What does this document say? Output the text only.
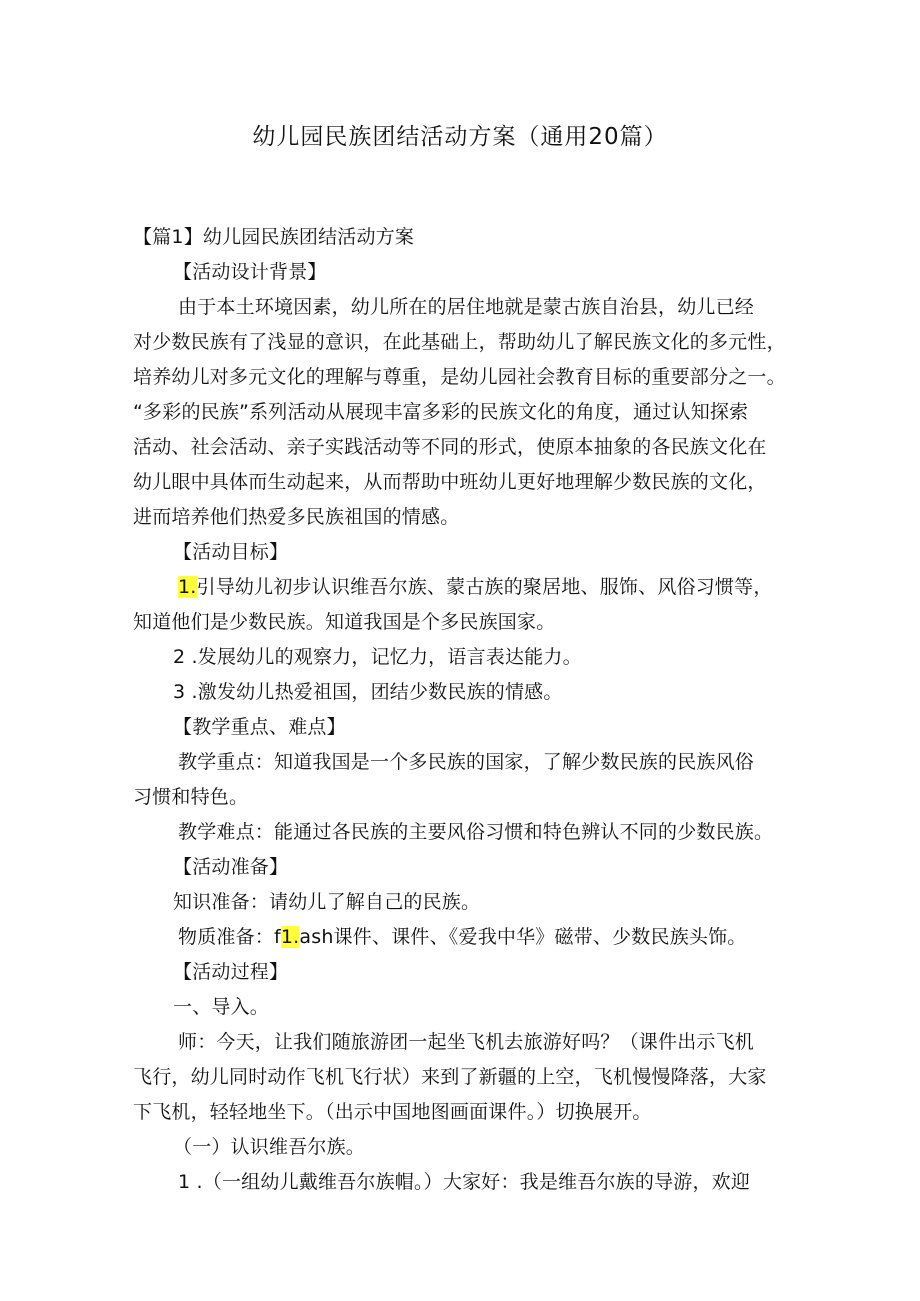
幼儿园民族团结活动方案（通用20篇）
【篇1】幼儿园民族团结活动方案
【活动设计背景】
由于本土环境因素，幼儿所在的居住地就是蒙古族自治县，幼儿已经
对少数民族有了浅显的意识，在此基础上，帮助幼儿了解民族文化的多元性，
培养幼儿对多元文化的理解与尊重，是幼儿园社会教育目标的重要部分之一。
“多彩的民族”系列活动从展现丰富多彩的民族文化的角度，通过认知探索
活动、社会活动、亲子实践活动等不同的形式，使原本抽象的各民族文化在
幼儿眼中具体而生动起来，从而帮助中班幼儿更好地理解少数民族的文化，
进而培养他们热爱多民族祖国的情感。
【活动目标】
1.引导幼儿初步认识维吾尔族、蒙古族的聚居地、服饰、风俗习惯等，
知道他们是少数民族。知道我国是个多民族国家。
2 .发展幼儿的观察力，记忆力，语言表达能力。
3 .激发幼儿热爱祖国，团结少数民族的情感。
【教学重点、难点】
教学重点：知道我国是一个多民族的国家，了解少数民族的民族风俗
习惯和特色。
教学难点：能通过各民族的主要风俗习惯和特色辨认不同的少数民族。
【活动准备】
知识准备：请幼儿了解自己的民族。
物质准备：f1.ash课件、课件、《爱我中华》磁带、少数民族头饰。
【活动过程】
一、导入。
师：今天，让我们随旅游团一起坐飞机去旅游好吗？（课件出示飞机
飞行，幼儿同时动作飞机飞行状）来到了新疆的上空，飞机慢慢降落，大家
下飞机，轻轻地坐下。（出示中国地图画面课件。）切换展开。
（一）认识维吾尔族。
1 .（一组幼儿戴维吾尔族帽。）大家好：我是维吾尔族的导游，欢迎
